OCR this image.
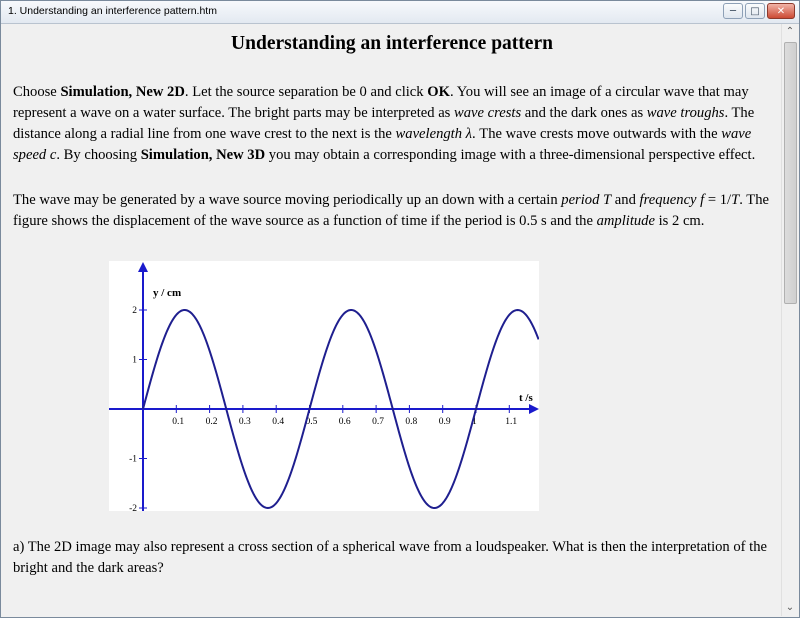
1. Understanding an interference pattern.htm	─	□	✕
Understanding an interference pattern

Choose Simulation, New 2D. Let the source separation be 0 and click OK. You will see an image of a circular wave that may represent a wave on a water surface. The bright parts may be interpreted as wave crests and the dark ones as wave troughs. The distance along a radial line from one wave crest to the next is the wavelength λ. The wave crests move outwards with the wave speed c. By choosing Simulation, New 3D you may obtain a corresponding image with a three-dimensional perspective effect.

The wave may be generated by a wave source moving periodically up an down with a certain period T and frequency f = 1/T. The figure shows the displacement of the wave source as a function of time if the period is 0.5 s and the amplitude is 2 cm.

0.1 0.2 0.3 0.4 0.5 0.6 0.7 0.8 0.9 1	1.1
2
1
-1
-2
t /s
y / cm

a) The 2D image may also represent a cross section of a spherical wave from a loudspeaker. What is then the interpretation of the bright and the dark areas?

⌃
⌄
